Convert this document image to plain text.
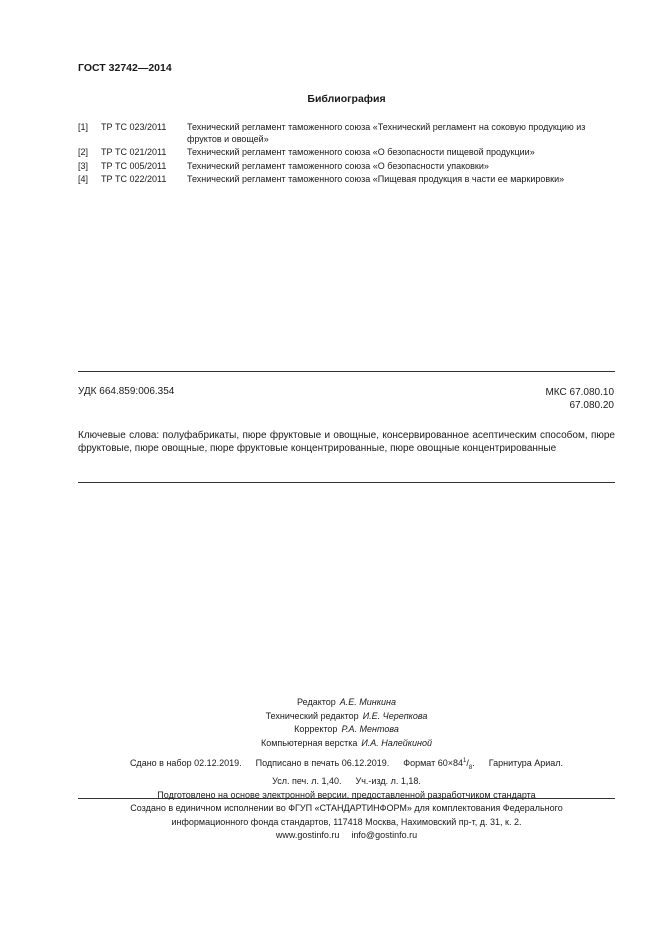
ГОСТ 32742—2014
Библиография
[1]	ТР ТС 023/2011	Технический регламент таможенного союза «Технический регламент на соковую продукцию из фруктов и овощей»
[2]	ТР ТС 021/2011	Технический регламент таможенного союза «О безопасности пищевой продукции»
[3]	ТР ТС 005/2011	Технический регламент таможенного союза «О безопасности упаковки»
[4]	ТР ТС 022/2011	Технический регламент таможенного союза «Пищевая продукция в части ее маркировки»
УДК 664.859:006.354	МКС 67.080.10
67.080.20
Ключевые слова: полуфабрикаты, пюре фруктовые и овощные, консервированное асептическим способом, пюре фруктовые, пюре овощные, пюре фруктовые концентрированные, пюре овощные концентрированные
Редактор А.Е. Минкина
Технический редактор И.Е. Черепкова
Корректор Р.А. Ментова
Компьютерная верстка И.А. Налейкиной
Сдано в набор 02.12.2019. Подписано в печать 06.12.2019. Формат $60\times 84^1/_8$. Гарнитура Ариал.
Усл. печ. л. 1,40. Уч.-изд. л. 1,18.
Подготовлено на основе электронной версии, предоставленной разработчиком стандарта
Создано в единичном исполнении во ФГУП «СТАНДАРТИНФОРМ» для комплектования Федерального
информационного фонда стандартов, 117418 Москва, Нахимовский пр-т, д. 31, к. 2.
www.gostinfo.ru info@gostinfo.ru
